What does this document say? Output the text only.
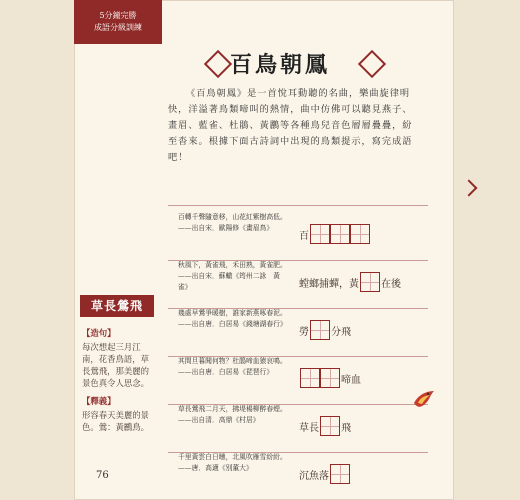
5分鐘完勝
成語分級訓練
百鳥朝鳳

《百鳥朝鳳》是一首悅耳動聽的名曲，樂曲旋律明快，洋溢著鳥類啼叫的熱情，曲中仿佛可以聽見燕子、畫眉、藍雀、杜鵑、黃鸝等各種鳥兒音色層層疊疊，紛至沓來。根據下面古詩詞中出現的鳥類提示，寫完成語吧！

百轉千聲隨意移，山花紅紫樹高低。——出自宋．歐陽修《畫眉鳥》
百
秋風下，黃雀飛，禾田熟，黃雀肥。——出自宋．蘇轍《筠州二詠　黃雀》	螳螂捕蟬，黃 在後
幾處早鶯爭暖樹，誰家新燕啄春泥。——出自唐．白居易《錢塘湖春行》
勞 分飛
其間旦暮聞何物？杜鵑啼血猿哀鳴。——出自唐．白居易《琵琶行》
啼血
草長鶯飛二月天，拂堤楊柳醉春煙。——出自清．高鼎《村居》
草長 飛
千里黃雲白日曛，北風吹雁雪紛紛。——唐．高適《別董大》
沉魚落
草長鶯飛
【造句】
每次想起三月江南，花香鳥語，草長鶯飛，那美麗的景色真令人思念。
【釋義】
形容春天美麗的景色。鶯：黃鸝鳥。
76
